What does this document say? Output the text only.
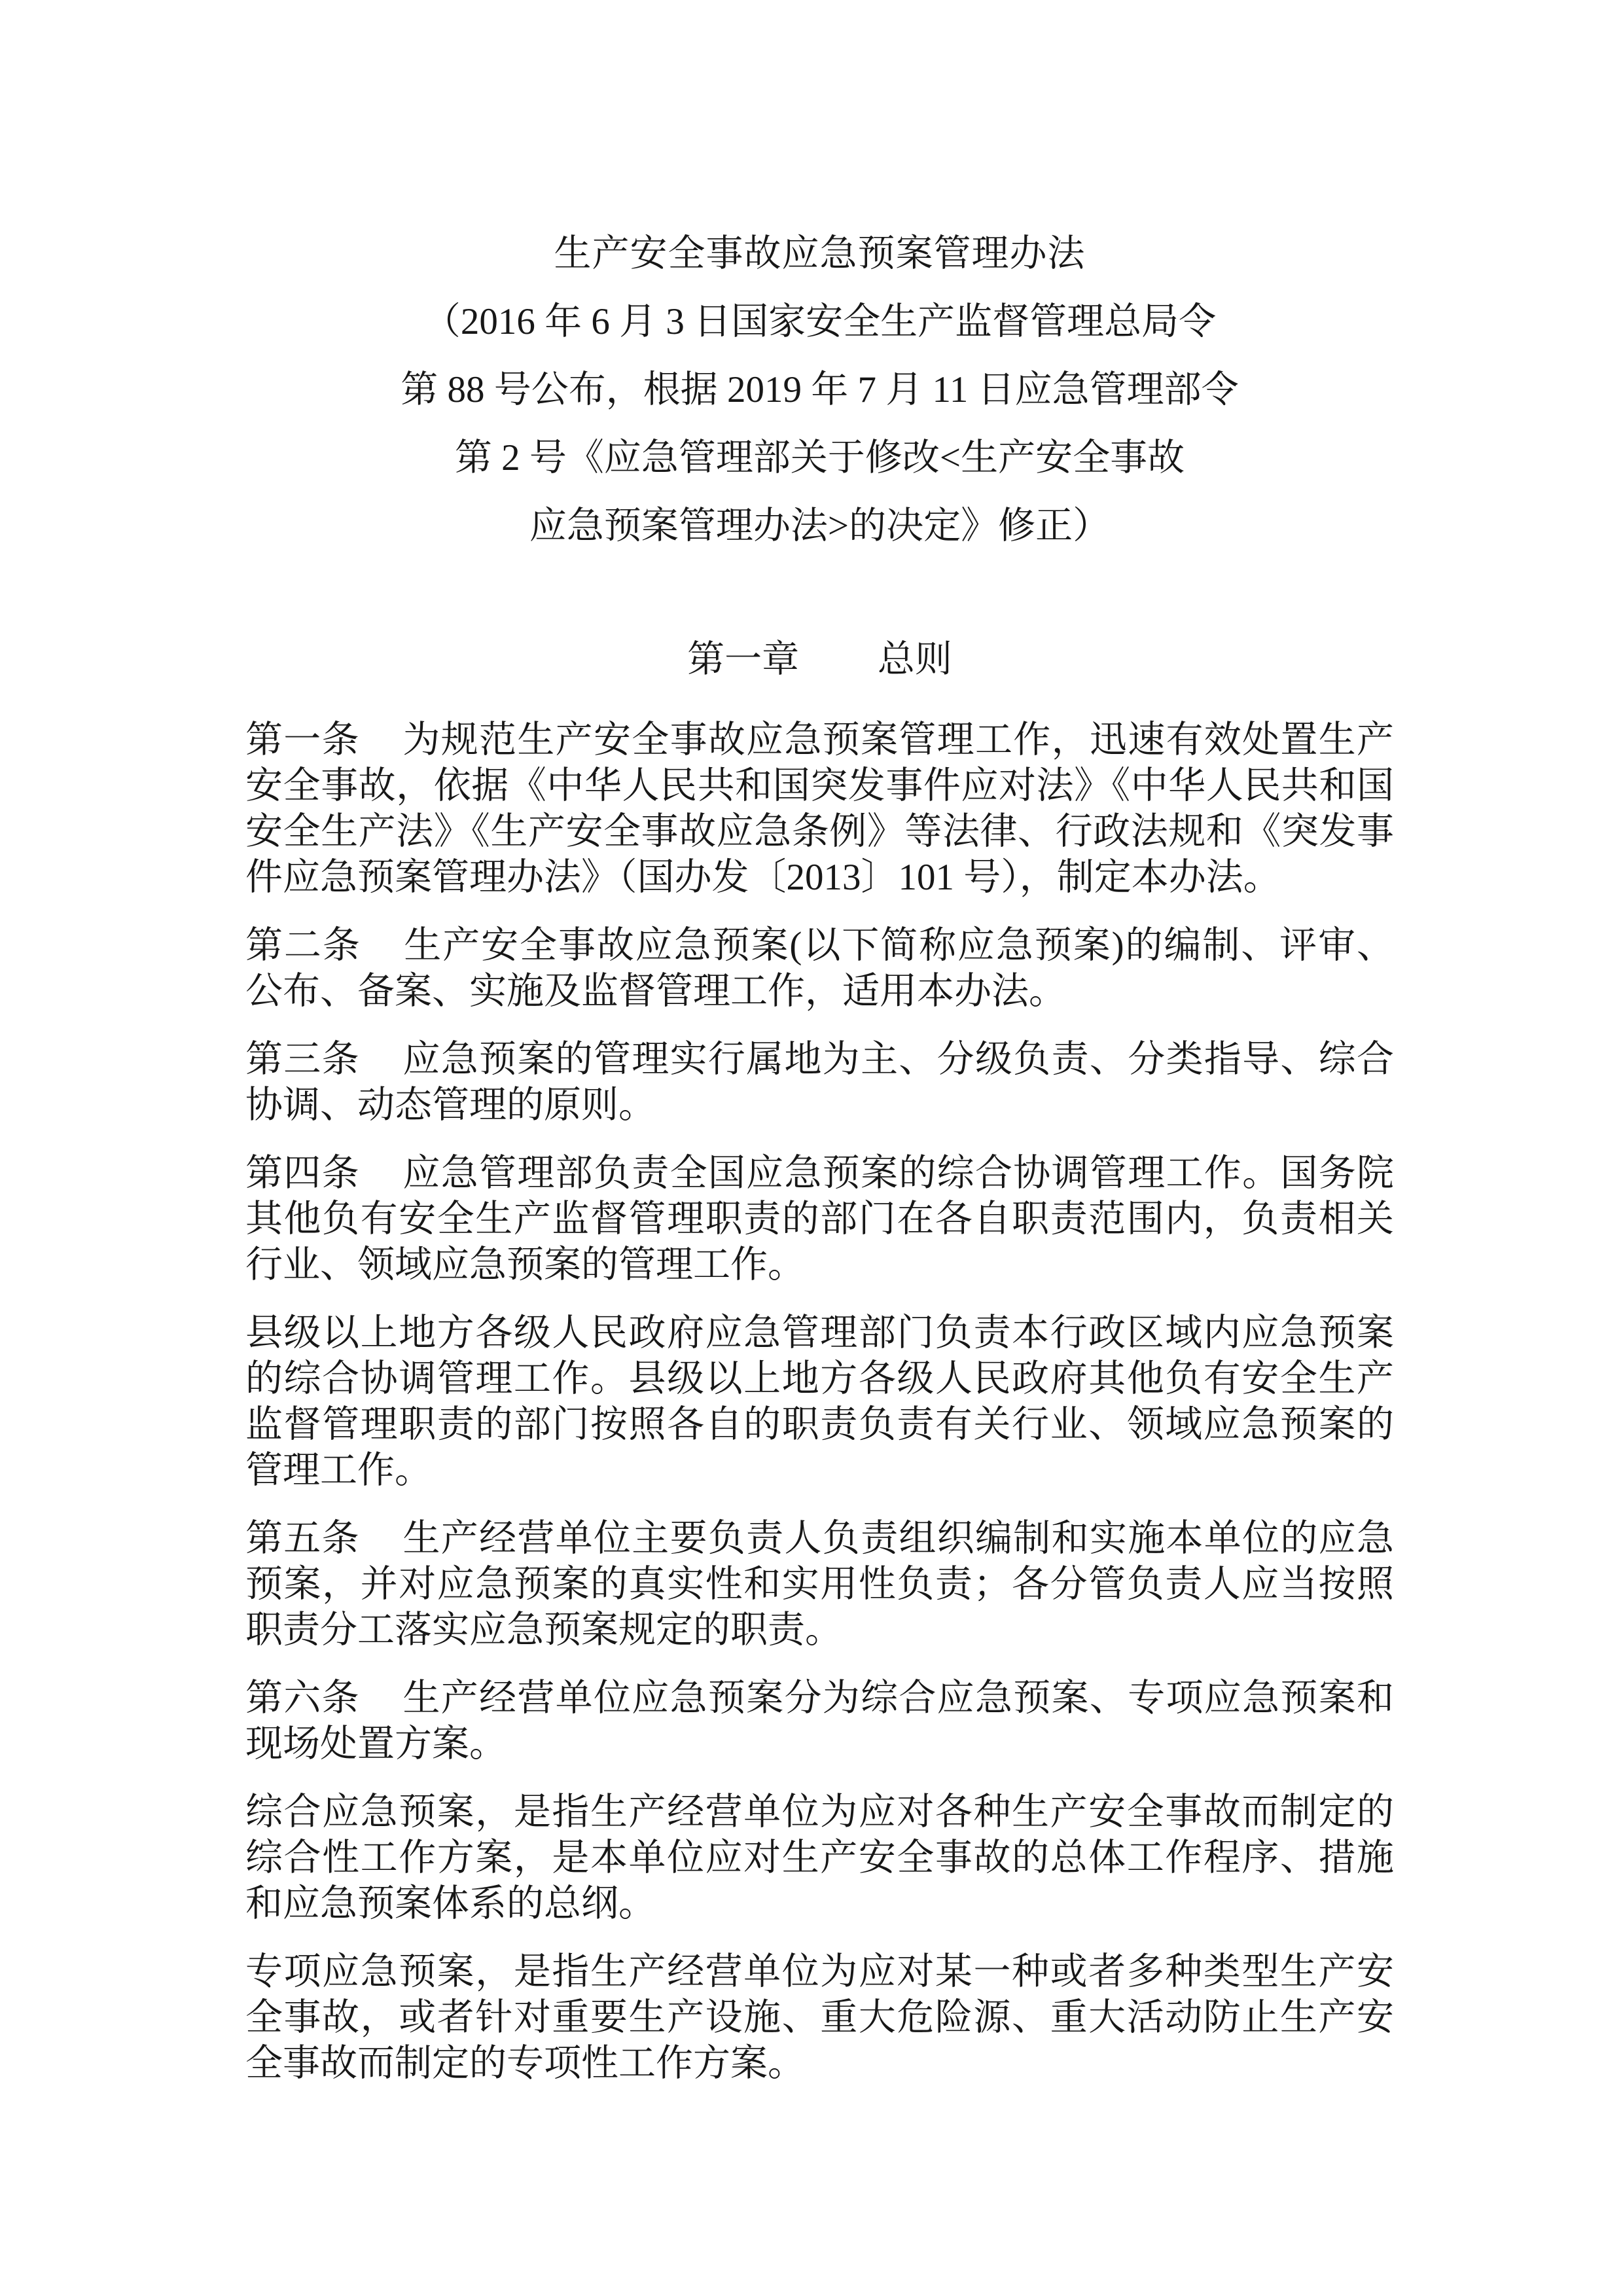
生产安全事故应急预案管理办法
（2016 年 6 月 3 日国家安全生产监督管理总局令
第 88 号公布，根据 2019 年 7 月 11 日应急管理部令
第 2 号《应急管理部关于修改<生产安全事故
应急预案管理办法>的决定》修正）
第一章 总则

第一条 为规范生产安全事故应急预案管理工作，迅速有效处置生产安全事故，依据《中华人民共和国突发事件应对法》《中华人民共和国安全生产法》《生产安全事故应急条例》等法律、行政法规和《突发事件应急预案管理办法》（国办发〔2013〕101 号），制定本办法。

第二条 生产安全事故应急预案(以下简称应急预案)的编制、评审、公布、备案、实施及监督管理工作，适用本办法。

第三条 应急预案的管理实行属地为主、分级负责、分类指导、综合协调、动态管理的原则。

第四条 应急管理部负责全国应急预案的综合协调管理工作。国务院其他负有安全生产监督管理职责的部门在各自职责范围内，负责相关行业、领域应急预案的管理工作。

县级以上地方各级人民政府应急管理部门负责本行政区域内应急预案的综合协调管理工作。县级以上地方各级人民政府其他负有安全生产监督管理职责的部门按照各自的职责负责有关行业、领域应急预案的管理工作。

第五条 生产经营单位主要负责人负责组织编制和实施本单位的应急预案，并对应急预案的真实性和实用性负责；各分管负责人应当按照职责分工落实应急预案规定的职责。

第六条 生产经营单位应急预案分为综合应急预案、专项应急预案和现场处置方案。

综合应急预案，是指生产经营单位为应对各种生产安全事故而制定的综合性工作方案，是本单位应对生产安全事故的总体工作程序、措施和应急预案体系的总纲。

专项应急预案，是指生产经营单位为应对某一种或者多种类型生产安全事故，或者针对重要生产设施、重大危险源、重大活动防止生产安全事故而制定的专项性工作方案。
